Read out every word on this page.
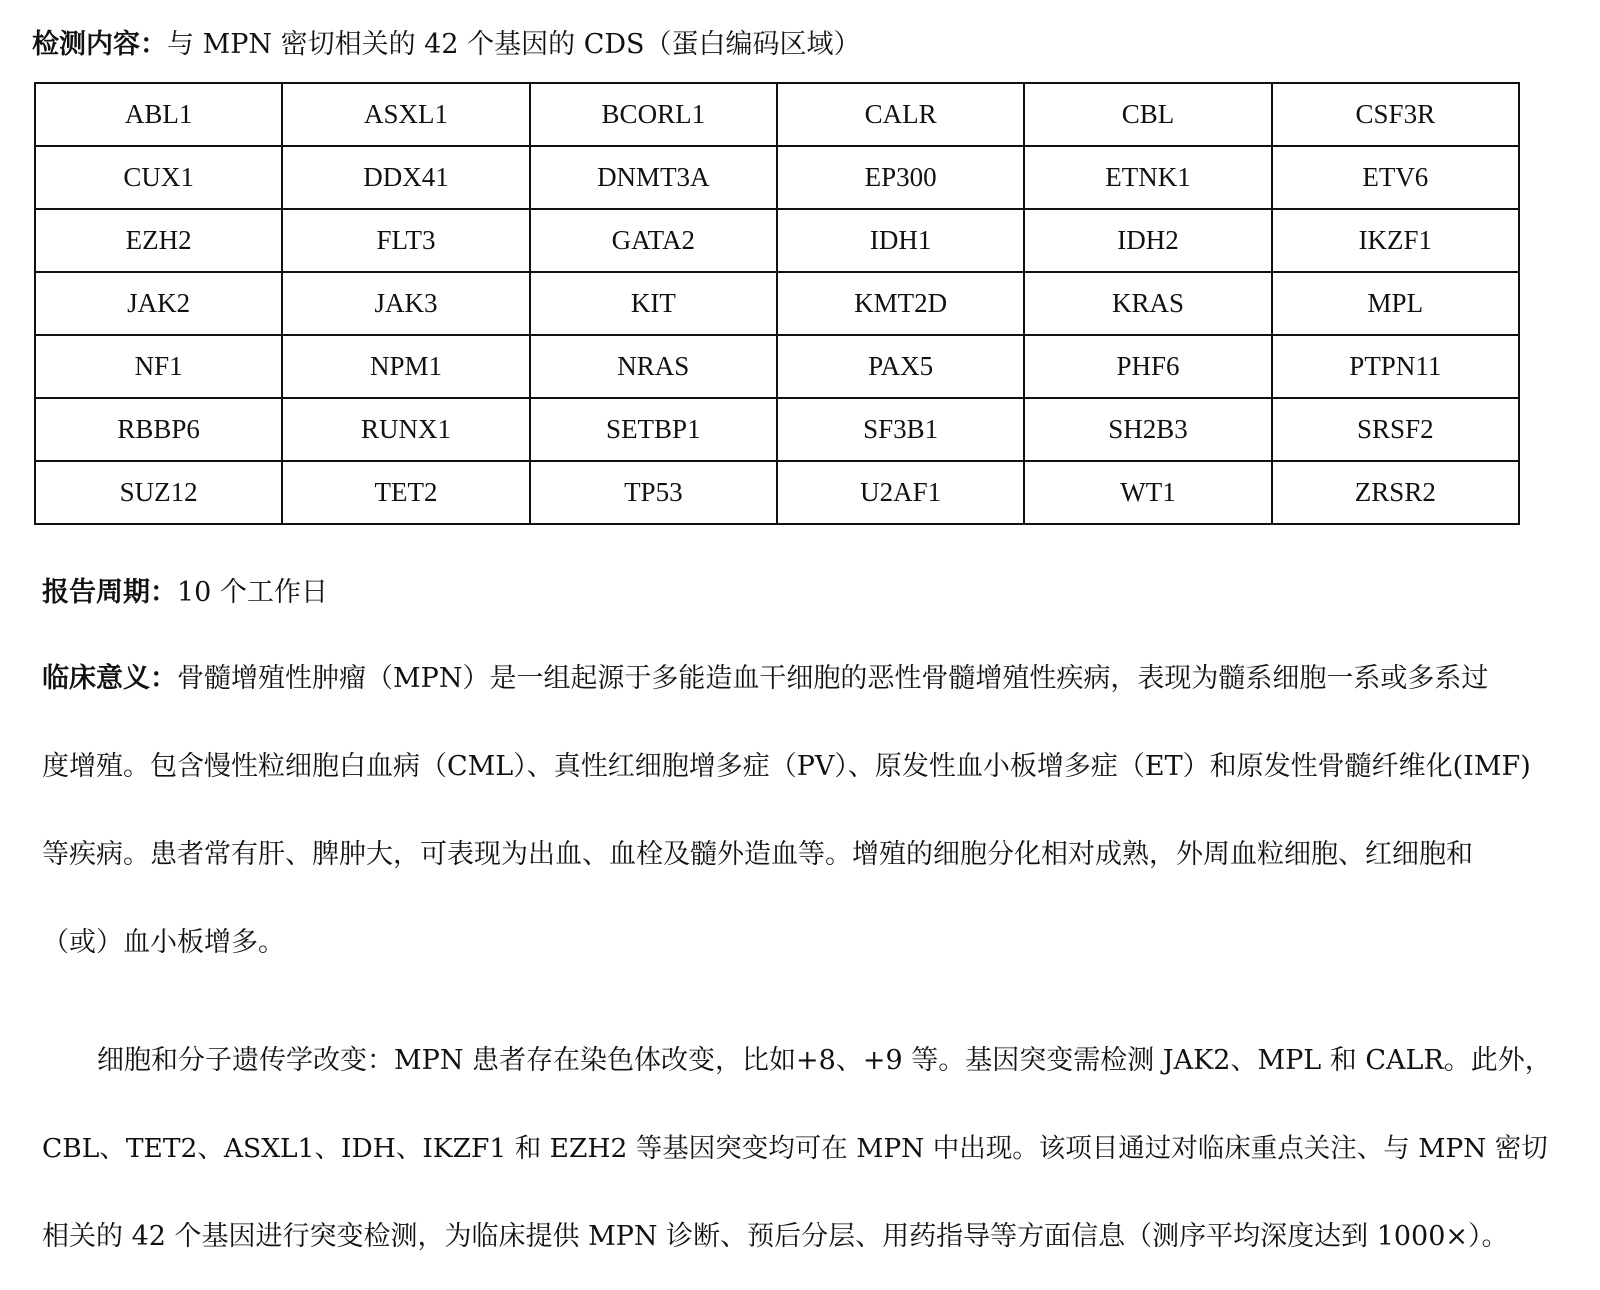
检测内容：与 MPN 密切相关的 42 个基因的 CDS（蛋白编码区域）
ABL1	ASXL1	BCORL1	CALR	CBL	CSF3R
CUX1	DDX41	DNMT3A	EP300	ETNK1	ETV6
EZH2	FLT3	GATA2	IDH1	IDH2	IKZF1
JAK2	JAK3	KIT	KMT2D	KRAS	MPL
NF1	NPM1	NRAS	PAX5	PHF6	PTPN11
RBBP6	RUNX1	SETBP1	SF3B1	SH2B3	SRSF2
SUZ12	TET2	TP53	U2AF1	WT1	ZRSR2
报告周期：10 个工作日
临床意义：骨髓增殖性肿瘤（MPN）是一组起源于多能造血干细胞的恶性骨髓增殖性疾病，表现为髓系细胞一系或多系过
度增殖。包含慢性粒细胞白血病（CML）、真性红细胞增多症（PV）、原发性血小板增多症（ET）和原发性骨髓纤维化(IMF)
等疾病。患者常有肝、脾肿大，可表现为出血、血栓及髓外造血等。增殖的细胞分化相对成熟，外周血粒细胞、红细胞和
（或）血小板增多。
细胞和分子遗传学改变：MPN 患者存在染色体改变，比如+8、+9 等。基因突变需检测 JAK2、MPL 和 CALR。此外，
CBL、TET2、ASXL1、IDH、IKZF1 和 EZH2 等基因突变均可在 MPN 中出现。该项目通过对临床重点关注、与 MPN 密切
相关的 42 个基因进行突变检测，为临床提供 MPN 诊断、预后分层、用药指导等方面信息（测序平均深度达到 1000×）。
